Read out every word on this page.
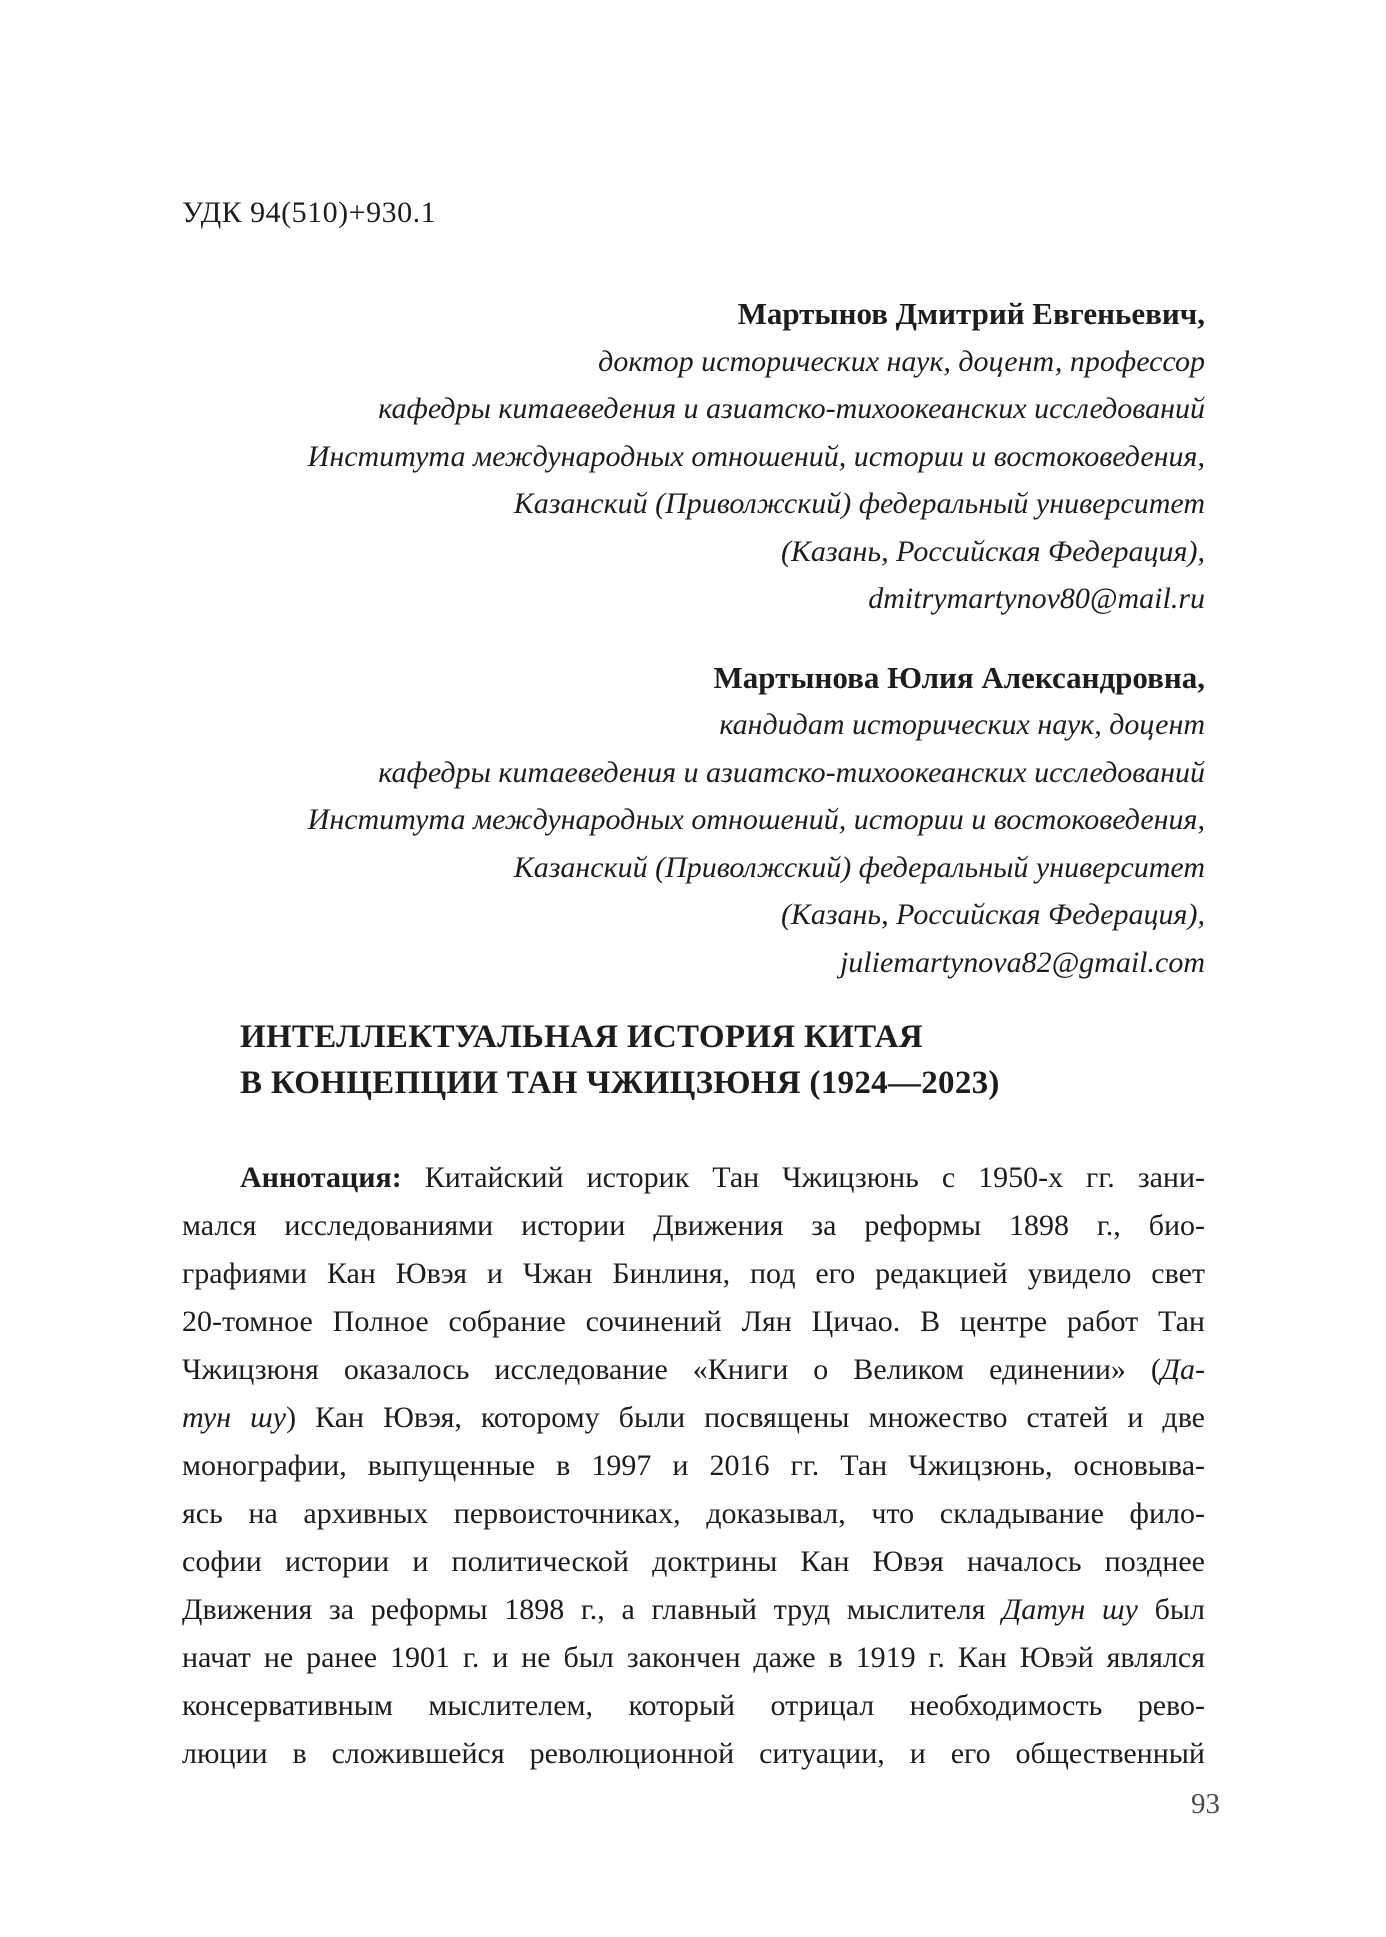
УДК 94(510)+930.1
Мартынов Дмитрий Евгеньевич,
доктор исторических наук, доцент, профессор
кафедры китаеведения и азиатско-тихоокеанских исследований
Института международных отношений, истории и востоковедения,
Казанский (Приволжский) федеральный университет
(Казань, Российская Федерация),
dmitrymartynov80@mail.ru
Мартынова Юлия Александровна,
кандидат исторических наук, доцент
кафедры китаеведения и азиатско-тихоокеанских исследований
Института международных отношений, истории и востоковедения,
Казанский (Приволжский) федеральный университет
(Казань, Российская Федерация),
juliemartynova82@gmail.com
ИНТЕЛЛЕКТУАЛЬНАЯ ИСТОРИЯ КИТАЯ
В КОНЦЕПЦИИ ТАН ЧЖИЦЗЮНЯ (1924—2023)
Аннотация: Китайский историк Тан Чжицзюнь с 1950-х гг. зани-
мался исследованиями истории Движения за реформы 1898 г., био-
графиями Кан Ювэя и Чжан Бинлиня, под его редакцией увидело свет
20-томное Полное собрание сочинений Лян Цичао. В центре работ Тан
Чжицзюня оказалось исследование «Книги о Великом единении» (Да-
тун шу) Кан Ювэя, которому были посвящены множество статей и две
монографии, выпущенные в 1997 и 2016 гг. Тан Чжицзюнь, основыва-
ясь на архивных первоисточниках, доказывал, что складывание фило-
софии истории и политической доктрины Кан Ювэя началось позднее
Движения за реформы 1898 г., а главный труд мыслителя Датун шу был
начат не ранее 1901 г. и не был закончен даже в 1919 г. Кан Ювэй являлся
консервативным мыслителем, который отрицал необходимость рево-
люции в сложившейся революционной ситуации, и его общественный
93
